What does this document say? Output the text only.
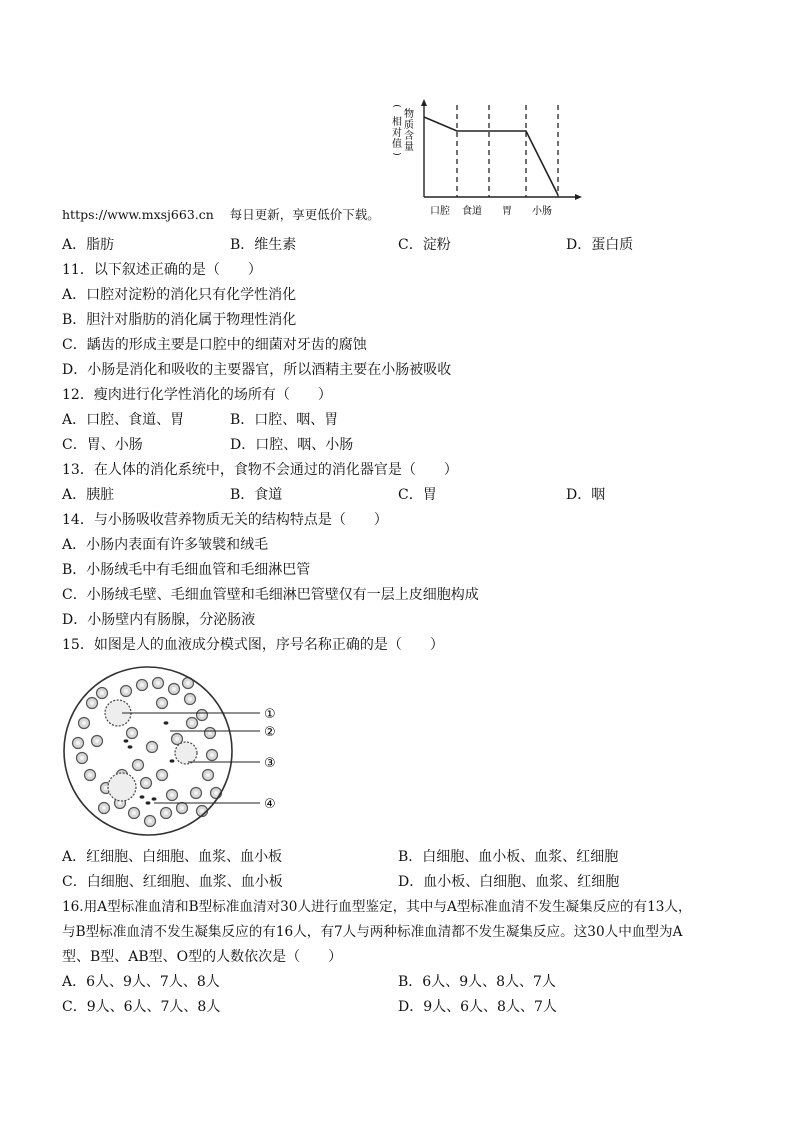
物
质
含
量
(
相
对
值
)
口腔 食道 胃 小肠
https://www.mxsj663.cn    每日更新，享更低价下载。
A．脂肪	B．维生素	C．淀粉	D．蛋白质
11．以下叙述正确的是（　　）
A．口腔对淀粉的消化只有化学性消化
B．胆汁对脂肪的消化属于物理性消化
C．龋齿的形成主要是口腔中的细菌对牙齿的腐蚀
D．小肠是消化和吸收的主要器官，所以酒精主要在小肠被吸收
12．瘦肉进行化学性消化的场所有（　　）
A．口腔、食道、胃	B．口腔、咽、胃
C．胃、小肠	D．口腔、咽、小肠
13．在人体的消化系统中，食物不会通过的消化器官是（　　）
A．胰脏	B．食道	C．胃	D．咽
14．与小肠吸收营养物质无关的结构特点是（　　）
A．小肠内表面有许多皱襞和绒毛
B．小肠绒毛中有毛细血管和毛细淋巴管
C．小肠绒毛壁、毛细血管壁和毛细淋巴管壁仅有一层上皮细胞构成
D．小肠壁内有肠腺，分泌肠液
15．如图是人的血液成分模式图，序号名称正确的是（　　）
①
②
③
④
A．红细胞、白细胞、血浆、血小板	B．白细胞、血小板、血浆、红细胞
C．白细胞、红细胞、血浆、血小板	D．血小板、白细胞、血浆、红细胞
16.用A型标准血清和B型标准血清对30人进行血型鉴定，其中与A型标准血清不发生凝集反应的有13人，
与B型标准血清不发生凝集反应的有16人，有7人与两种标准血清都不发生凝集反应。这30人中血型为A
型、B型、AB型、O型的人数依次是（　　）
A．6人、9人、7人、8人	B．6人、9人、8人、7人
C．9人、6人、7人、8人	D．9人、6人、8人、7人
